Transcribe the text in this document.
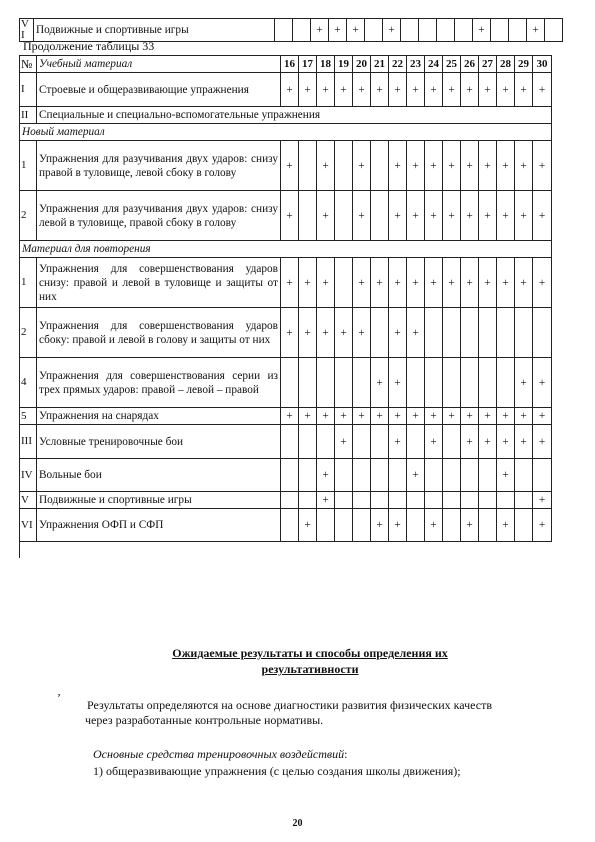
VI	Подвижные и спортивные игры			+	+	+		+					+			+	
Продолжение таблицы 33
№	Учебный материал	16	17	18	19	20	21	22	23	24	25	26	27	28	29	30
I	Строевые и общеразвивающие упражнения	+	+	+	+	+	+	+	+	+	+	+	+	+	+	+
II	Специальные и специально-вспомогательные упражнения															
Новый материал																
1	Упражнения для разучивания двух ударов: снизу правой в туловище, левой сбоку в голову	+		+		+		+	+	+	+	+	+	+	+	+
2	Упражнения для разучивания двух ударов: снизу левой в туловище, правой сбоку в голову	+		+		+		+	+	+	+	+	+	+	+	+
Материал для повторения																
1	Упражнения для совершенствования ударов снизу: правой и левой в туловище и защиты от них	+	+	+		+	+	+	+	+	+	+	+	+	+	+
2	Упражнения для совершенствования ударов сбоку: правой и левой в голову и защиты от них	+	+	+	+	+		+	+							
4	Упражнения для совершенствования серии из трех прямых ударов: правой – левой – правой						+	+							+	+
5	Упражнения на снарядах	+	+	+	+	+	+	+	+	+	+	+	+	+	+	+
III	Условные тренировочные бои				+			+		+		+	+	+	+	+
IV	Вольные бои			+					+					+		
V	Подвижные и спортивные игры			+												+
VI	Упражнения ОФП и СФП		+				+	+		+		+		+		+
Ожидаемые результаты и способы определения их
результативности
‚
Результаты определяются на основе диагностики развития физических качеств
через разработанные контрольные нормативы.
Основные средства тренировочных воздействий:
1) общеразвивающие упражнения (с целью создания школы движения);
20
